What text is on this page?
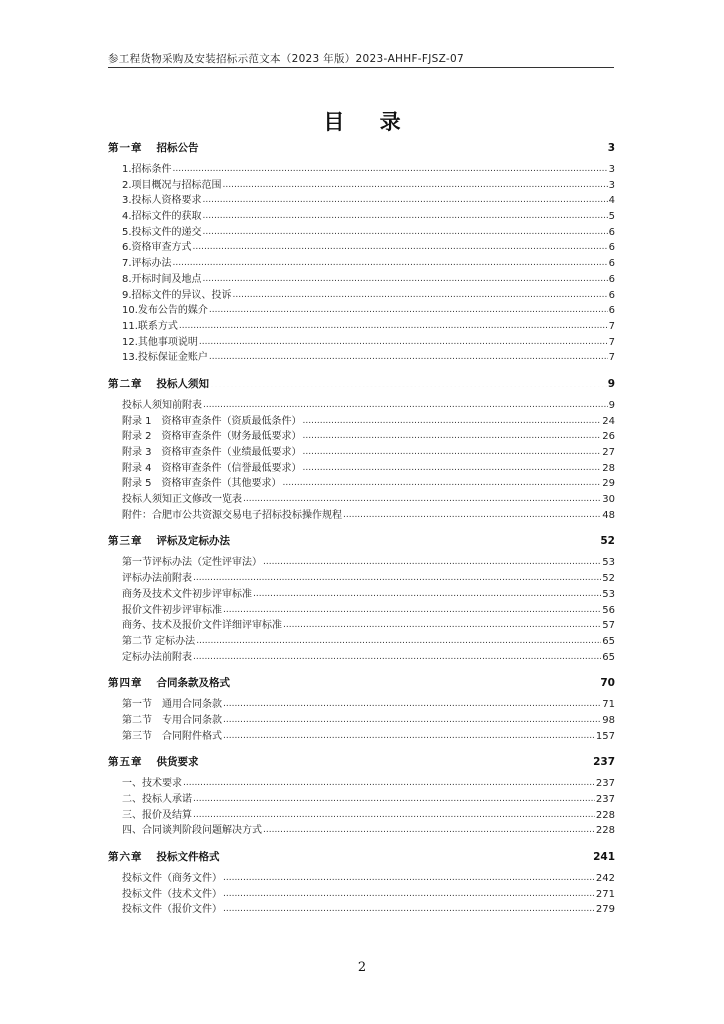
参工程货物采购及安装招标示范文本（2023 年版）2023-AHHF-FJSZ-07
目 录
第一章 招标公告 .....	3
1.招标条件 .....	3
2.项目概况与招标范围 .....	3
3.投标人资格要求 .....	4
4.招标文件的获取 .....	5
5.投标文件的递交 .....	6
6.资格审查方式 .....	6
7.评标办法 .....	6
8.开标时间及地点 .....	6
9.招标文件的异议、投诉 .....	6
10.发布公告的媒介 .....	6
11.联系方式 .....	7
12.其他事项说明 .....	7
13.投标保证金账户 .....	7
第二章 投标人须知 .....	9
投标人须知前附表 .....	9
附录 1　资格审查条件（资质最低条件） .....	24
附录 2　资格审查条件（财务最低要求） .....	26
附录 3　资格审查条件（业绩最低要求） .....	27
附录 4　资格审查条件（信誉最低要求） .....	28
附录 5　资格审查条件（其他要求） .....	29
投标人须知正文修改一览表 .....	30
附件：合肥市公共资源交易电子招标投标操作规程 .....	48
第三章 评标及定标办法 .....	52
第一节评标办法（定性评审法） .....	53
评标办法前附表 .....	52
商务及技术文件初步评审标准 .....	53
报价文件初步评审标准 .....	56
商务、技术及报价文件详细评审标准 .....	57
第二节 定标办法 .....	65
定标办法前附表 .....	65
第四章 合同条款及格式 .....	70
第一节　通用合同条款 .....	71
第二节　专用合同条款 .....	98
第三节　合同附件格式 .....	157
第五章 供货要求 .....	237
一、技术要求 .....	237
二、投标人承诺 .....	237
三、报价及结算 .....	228
四、合同谈判阶段问题解决方式 .....	228
第六章 投标文件格式 .....	241
投标文件（商务文件） .....	242
投标文件（技术文件） .....	271
投标文件（报价文件） .....	279
2
